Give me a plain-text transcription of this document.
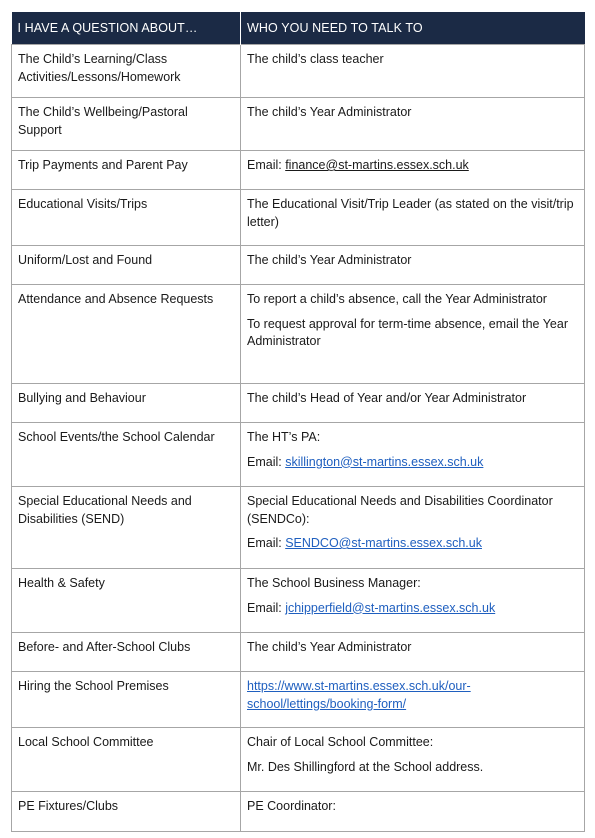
I HAVE A QUESTION ABOUT…	WHO YOU NEED TO TALK TO
The Child’s Learning/Class Activities/Lessons/Homework	The child’s class teacher

The Child’s Wellbeing/Pastoral Support	The child’s Year Administrator

Trip Payments and Parent Pay	Email: finance@st-martins.essex.sch.uk

Educational Visits/Trips	The Educational Visit/Trip Leader (as stated on the visit/trip letter)

Uniform/Lost and Found	The child’s Year Administrator

Attendance and Absence Requests	To report a child’s absence, call the Year Administrator

To request approval for term-time absence, email the Year Administrator

Bullying and Behaviour	The child’s Head of Year and/or Year Administrator

School Events/the School Calendar	The HT’s PA:

Email: skillington@st-martins.essex.sch.uk

Special Educational Needs and Disabilities (SEND)	Special Educational Needs and Disabilities Coordinator (SENDCo):

Email: SENDCO@st-martins.essex.sch.uk

Health & Safety	The School Business Manager:

Email: jchipperfield@st-martins.essex.sch.uk

Before- and After-School Clubs	The child’s Year Administrator

Hiring the School Premises	https://www.st-martins.essex.sch.uk/our-school/lettings/booking-form/

Local School Committee	Chair of Local School Committee:

Mr. Des Shillingford at the School address.

PE Fixtures/Clubs	PE Coordinator:
